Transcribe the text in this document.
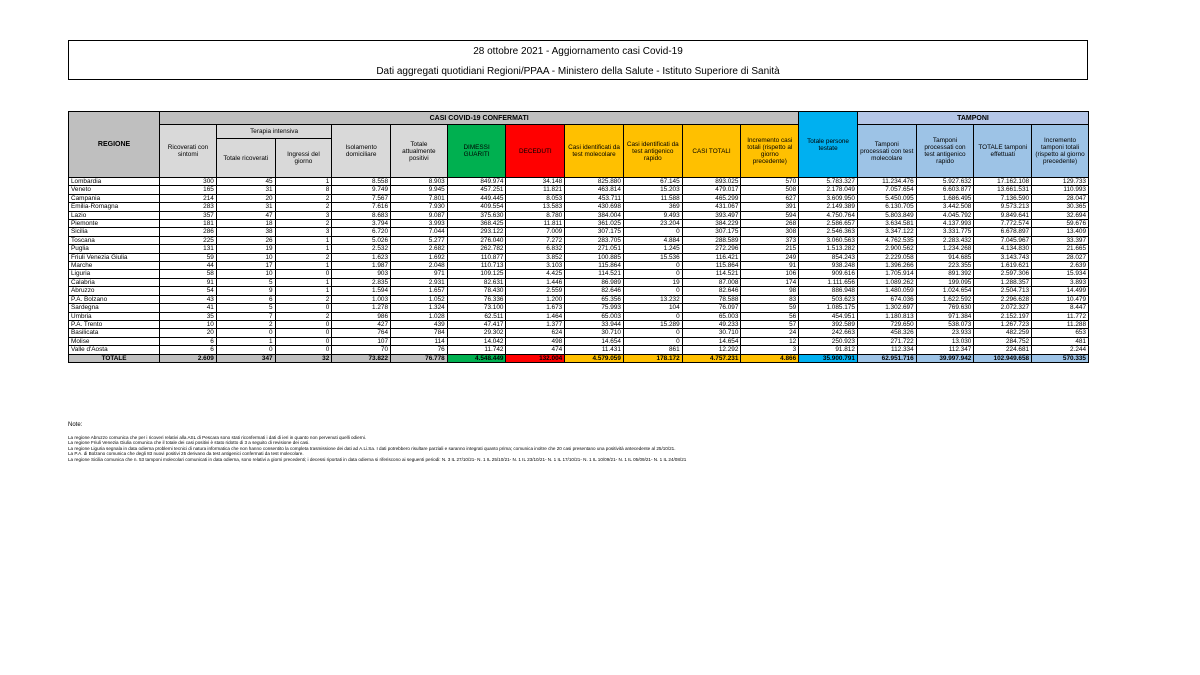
28 ottobre 2021 - Aggiornamento casi Covid-19
Dati aggregati quotidiani Regioni/PPAA - Ministero della Salute - Istituto Superiore di Sanità
REGIONE	CASI COVID-19 CONFERMATI											Totale persone testate	TAMPONI			
	Ricoverati con sintomi	Terapia intensiva		Isolamento domiciliare	Totale attualmente positivi	DIMESSI GUARITI	DECEDUTI	Casi identificati da test molecolare	Casi identificati da test antigenico rapido	CASI TOTALI	Incremento casi totali (rispetto al giorno precedente)		Tamponi processati con test molecolare	Tamponi processati con test antigenico rapido	TOTALE tamponi effettuati	Incremento tamponi totali (rispetto al giorno precedente)
		Totale ricoverati	Ingressi del giorno													
Lombardia	300	45	1	8.558	8.903	849.974	34.148	825.880	67.145	893.025	570	5.783.327	11.234.476	5.927.632	17.162.108	129.733
Veneto	165	31	8	9.749	9.945	457.251	11.821	463.814	15.203	479.017	508	2.178.049	7.057.654	6.603.877	13.661.531	110.993
Campania	214	20	2	7.567	7.801	449.445	8.053	453.711	11.588	465.299	627	3.609.950	5.450.095	1.686.495	7.136.590	28.047
Emilia-Romagna	283	31	2	7.616	7.930	409.554	13.583	430.698	369	431.067	391	2.149.389	6.130.705	3.442.508	9.573.213	30.365
Lazio	357	47	3	8.683	9.087	375.630	8.780	384.004	9.493	393.497	594	4.750.764	5.803.849	4.045.792	9.849.641	32.694
Piemonte	181	18	2	3.794	3.993	368.425	11.811	361.025	23.204	384.229	268	2.586.657	3.634.581	4.137.993	7.772.574	59.676
Sicilia	286	38	3	6.720	7.044	293.122	7.009	307.175	0	307.175	308	2.546.363	3.347.122	3.331.775	6.678.897	13.409
Toscana	225	26	1	5.026	5.277	276.040	7.272	283.705	4.884	288.589	373	3.060.563	4.762.535	2.283.432	7.045.967	33.397
Puglia	131	19	1	2.532	2.682	262.782	6.832	271.051	1.245	272.296	215	1.513.282	2.900.562	1.234.268	4.134.830	21.665
Friuli Venezia Giulia	59	10	2	1.623	1.692	110.877	3.852	100.885	15.536	116.421	249	854.243	2.229.058	914.685	3.143.743	28.027
Marche	44	17	1	1.987	2.048	110.713	3.103	115.864	0	115.864	91	938.248	1.396.266	223.355	1.619.621	2.639
Liguria	58	10	0	903	971	109.125	4.425	114.521	0	114.521	106	909.616	1.705.914	891.392	2.597.306	15.934
Calabria	91	5	1	2.835	2.931	82.631	1.446	86.989	19	87.008	174	1.111.656	1.089.262	199.095	1.288.357	3.893
Abruzzo	54	9	1	1.594	1.657	78.430	2.559	82.646	0	82.646	98	886.948	1.480.059	1.024.654	2.504.713	14.499
P.A. Bolzano	43	6	2	1.003	1.052	76.336	1.200	65.356	13.232	78.588	83	503.623	674.036	1.622.592	2.296.628	10.479
Sardegna	41	5	0	1.278	1.324	73.100	1.673	75.993	104	76.097	59	1.085.175	1.302.697	769.630	2.072.327	8.447
Umbria	35	7	2	986	1.028	62.511	1.464	65.003	0	65.003	56	454.951	1.180.813	971.384	2.152.197	11.772
P.A. Trento	10	2	0	427	439	47.417	1.377	33.944	15.289	49.233	57	392.589	729.650	538.073	1.267.723	11.288
Basilicata	20	0	0	764	784	29.302	624	30.710	0	30.710	24	242.663	458.326	23.933	482.259	653
Molise	6	1	0	107	114	14.042	498	14.654	0	14.654	12	250.923	271.722	13.030	284.752	481
Valle d'Aosta	6	0	0	70	76	11.742	474	11.431	861	12.292	3	91.812	112.334	112.347	224.681	2.244
TOTALE	2.609	347	32	73.822	76.778	4.548.449	132.004	4.579.059	178.172	4.757.231	4.866	35.900.791	62.951.716	39.997.942	102.949.658	570.335
Note:
La regione Abruzzo comunica che per i ricoveri relativi alla ASL di Pescara sono stati riconfermati i dati di ieri in quanto non pervenuti quelli odierni.
La regione Friuli Venezia Giulia comunica che il totale dei casi positivi è stato ridotto di 3 a seguito di revisione dei casi.
La regione Liguria segnala in data odierna problemi tecnici di natura informatica che non hanno consentito la completa trasmissione dei dati ad A.Li.Sa. I dati potrebbero risultare parziali e saranno integrati quanto prima; comunica inoltre che 20 casi presentano una positività antecedente al 25/10/21.
La P.A. di Bolzano comunica che degli 83 nuovi positivi 25 derivano da test antigenici confermati da test molecolare.
La regione Sicilia comunica che n. 53 tamponi molecolari comunicati in data odierna, sono relativi a giorni precedenti; i decessi riportati in data odierna si riferiscono ai seguenti periodi: N. 3 IL 27/10/21- N. 1 IL 25/10/21- N. 1 IL 23/10/21- N. 1 IL 17/10/21- N. 1 IL 10/09/21- N. 1 IL 05/09/21- N. 1 IL 24/08/21
